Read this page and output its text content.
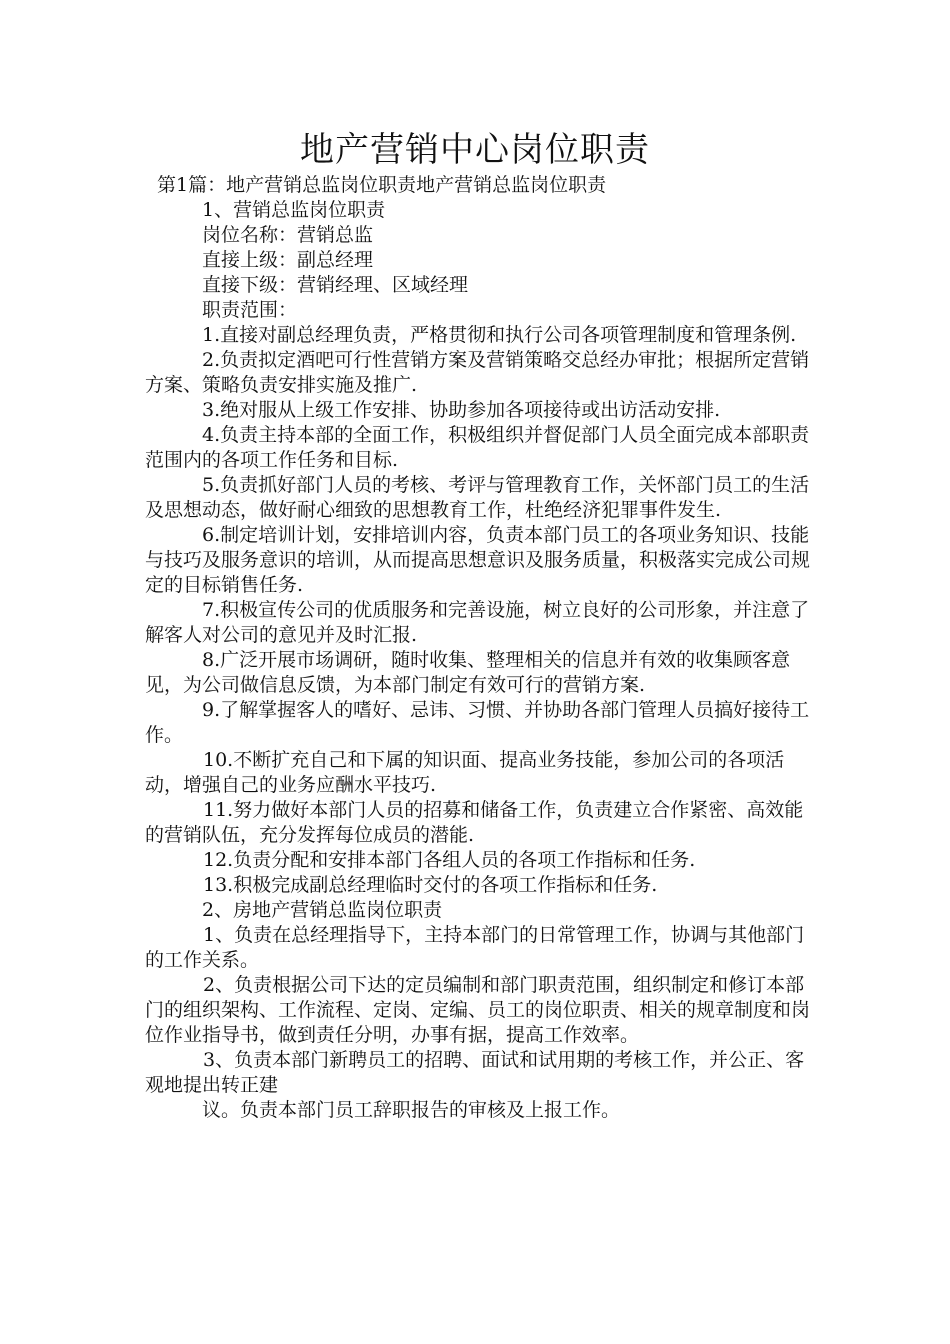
地产营销中心岗位职责

第1篇：地产营销总监岗位职责地产营销总监岗位职责

1、营销总监岗位职责

岗位名称：营销总监

直接上级：副总经理

直接下级：营销经理、区域经理

职责范围：

1.直接对副总经理负责，严格贯彻和执行公司各项管理制度和管理条例.

2.负责拟定酒吧可行性营销方案及营销策略交总经办审批；根据所定营销方案、策略负责安排实施及推广.

3.绝对服从上级工作安排、协助参加各项接待或出访活动安排.

4.负责主持本部的全面工作，积极组织并督促部门人员全面完成本部职责范围内的各项工作任务和目标.

5.负责抓好部门人员的考核、考评与管理教育工作，关怀部门员工的生活及思想动态，做好耐心细致的思想教育工作，杜绝经济犯罪事件发生.

6.制定培训计划，安排培训内容，负责本部门员工的各项业务知识、技能与技巧及服务意识的培训，从而提高思想意识及服务质量，积极落实完成公司规定的目标销售任务.

7.积极宣传公司的优质服务和完善设施，树立良好的公司形象，并注意了解客人对公司的意见并及时汇报.

8.广泛开展市场调研，随时收集、整理相关的信息并有效的收集顾客意见，为公司做信息反馈，为本部门制定有效可行的营销方案.

9.了解掌握客人的嗜好、忌讳、习惯、并协助各部门管理人员搞好接待工作。

10.不断扩充自己和下属的知识面、提高业务技能，参加公司的各项活动，增强自己的业务应酬水平技巧.

11.努力做好本部门人员的招募和储备工作，负责建立合作紧密、高效能的营销队伍，充分发挥每位成员的潜能.

12.负责分配和安排本部门各组人员的各项工作指标和任务.

13.积极完成副总经理临时交付的各项工作指标和任务.

2、房地产营销总监岗位职责

1、负责在总经理指导下，主持本部门的日常管理工作，协调与其他部门的工作关系。

2、负责根据公司下达的定员编制和部门职责范围，组织制定和修订本部门的组织架构、工作流程、定岗、定编、员工的岗位职责、相关的规章制度和岗位作业指导书，做到责任分明，办事有据，提高工作效率。

3、负责本部门新聘员工的招聘、面试和试用期的考核工作，并公正、客观地提出转正建

议。负责本部门员工辞职报告的审核及上报工作。
